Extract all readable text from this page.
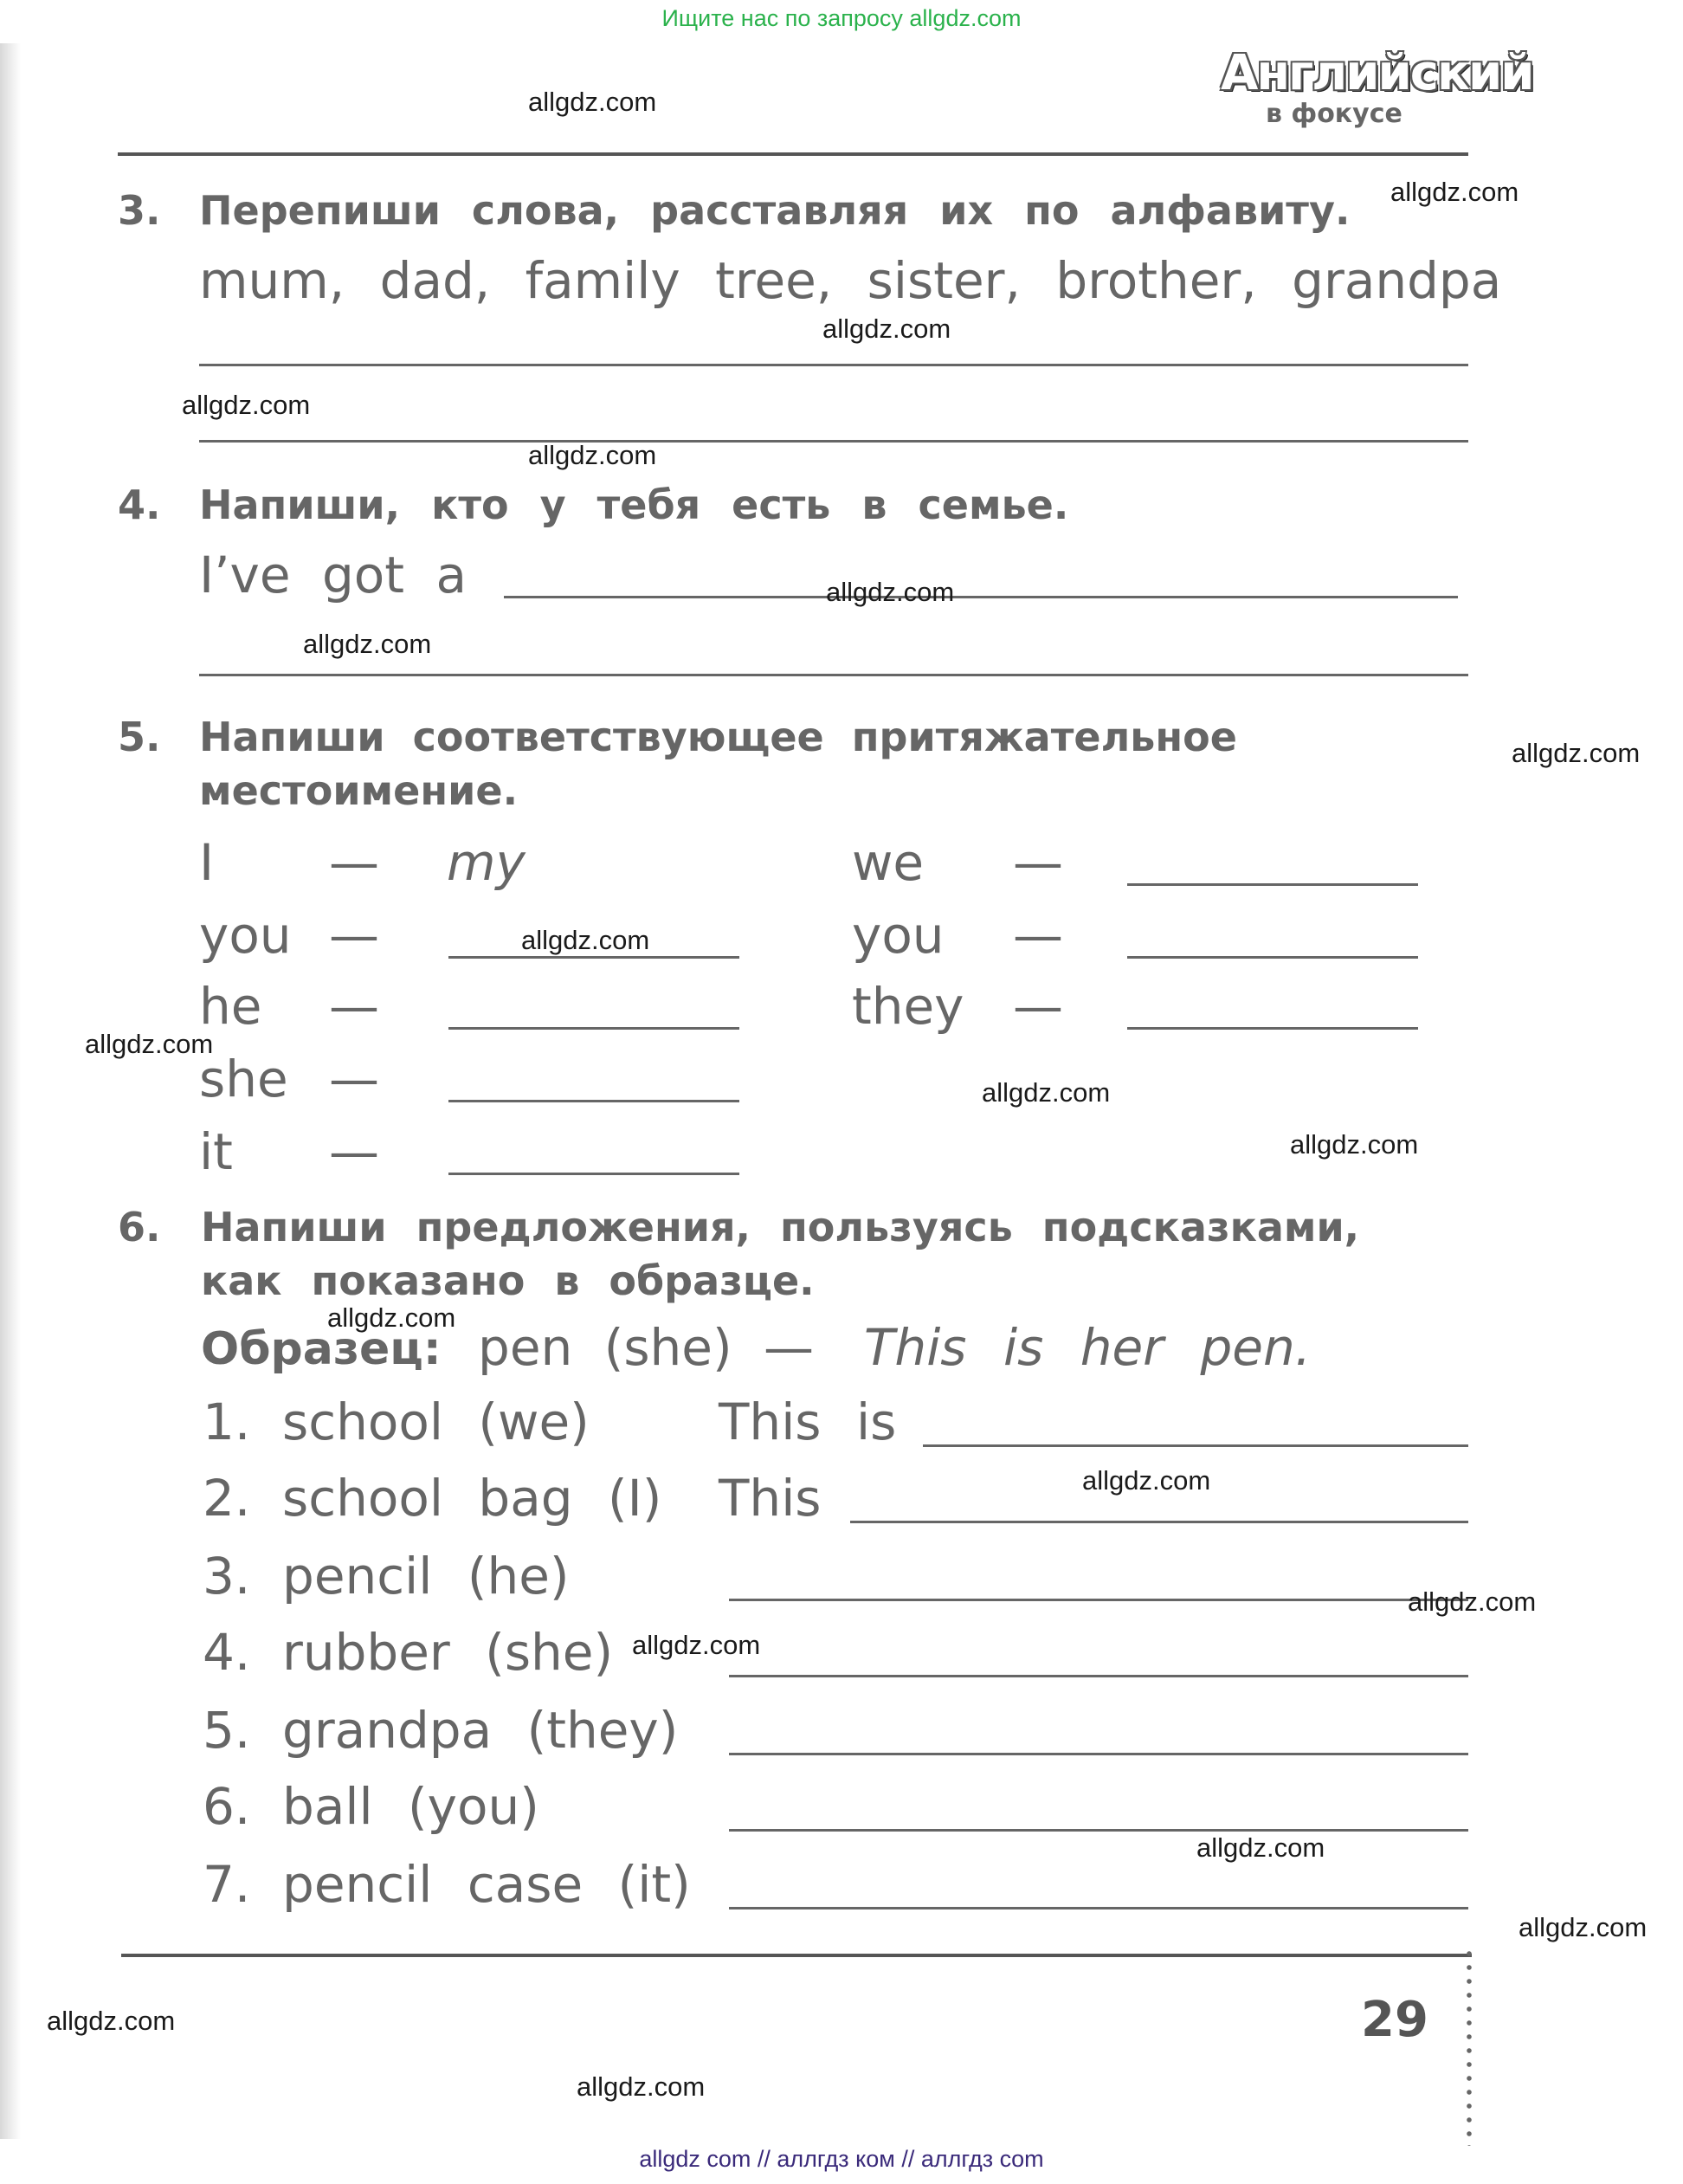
Ищите нас по запросу allgdz.com
Английский
в фокусе
3. Перепиши слова, расставляя их по алфавиту.
mum, dad, family tree, sister, brother, grandpa
4. Напиши, кто у тебя есть в семье.
I’ve got a
5. Напиши соответствующее притяжательное
местоимение.
I — my
you —
he —
she —
it —
we —
you —
they —
6. Напиши предложения, пользуясь подсказками,
как показано в образце.
Образец: pen (she) — This is her pen.
1. school (we)	This is
2. school bag (I) This
3. pencil (he)
4. rubber (she)
5. grandpa (they)
6. ball (you)
7. pencil case (it)
29
allgdz.com
allgdz.com
allgdz.com
allgdz.com
allgdz.com
allgdz.com
allgdz.com
allgdz.com
allgdz.com
allgdz.com
allgdz.com
allgdz.com
allgdz.com
allgdz.com
allgdz.com
allgdz.com
allgdz.com
allgdz.com
allgdz.com
allgdz.com
allgdz com // аллгдз ком // аллгдз com
